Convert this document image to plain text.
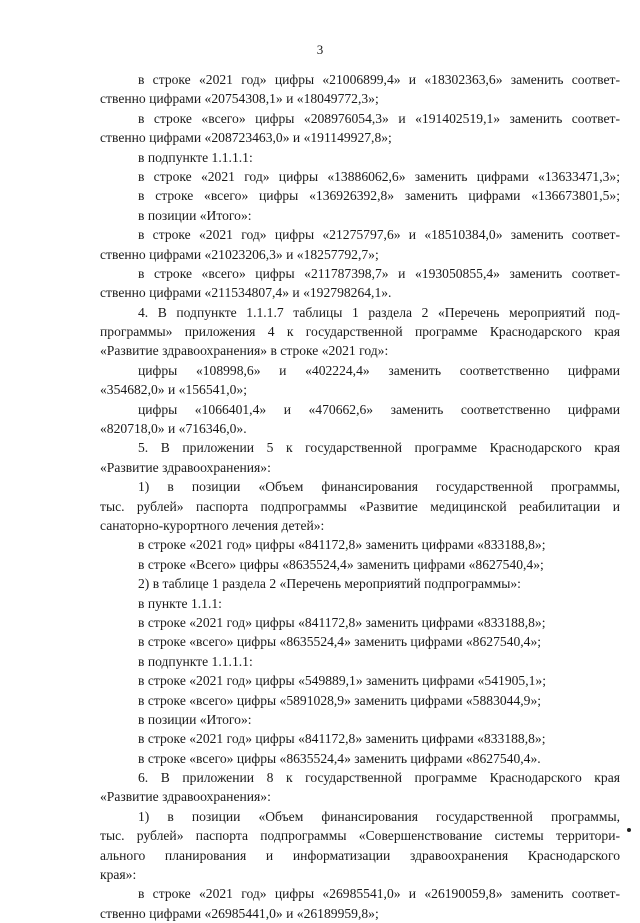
3

в строке «2021 год» цифры «21006899,4» и «18302363,6» заменить соответ-

ственно цифрами «20754308,1» и «18049772,3»;

в строке «всего» цифры «208976054,3» и «191402519,1» заменить соответ-

ственно цифрами «208723463,0» и «191149927,8»;

в подпункте 1.1.1.1:

в строке «2021 год» цифры «13886062,6» заменить цифрами «13633471,3»;

в строке «всего» цифры «136926392,8» заменить цифрами «136673801,5»;

в позиции «Итого»:

в строке «2021 год» цифры «21275797,6» и «18510384,0» заменить соответ-

ственно цифрами «21023206,3» и «18257792,7»;

в строке «всего» цифры «211787398,7» и «193050855,4» заменить соответ-

ственно цифрами «211534807,4» и «192798264,1».

4. В подпункте 1.1.1.7 таблицы 1 раздела 2 «Перечень мероприятий под-

программы» приложения 4 к государственной программе Краснодарского края

«Развитие здравоохранения» в строке «2021 год»:

цифры «108998,6» и «402224,4» заменить соответственно цифрами

«354682,0» и «156541,0»;

цифры «1066401,4» и «470662,6» заменить соответственно цифрами

«820718,0» и «716346,0».

5. В приложении 5 к государственной программе Краснодарского края

«Развитие здравоохранения»:

1) в позиции «Объем финансирования государственной программы,

тыс. рублей» паспорта подпрограммы «Развитие медицинской реабилитации и

санаторно-курортного лечения детей»:

в строке «2021 год» цифры «841172,8» заменить цифрами «833188,8»;

в строке «Всего» цифры «8635524,4» заменить цифрами «8627540,4»;

2) в таблице 1 раздела 2 «Перечень мероприятий подпрограммы»:

в пункте 1.1.1:

в строке «2021 год» цифры «841172,8» заменить цифрами «833188,8»;

в строке «всего» цифры «8635524,4» заменить цифрами «8627540,4»;

в подпункте 1.1.1.1:

в строке «2021 год» цифры «549889,1» заменить цифрами «541905,1»;

в строке «всего» цифры «5891028,9» заменить цифрами «5883044,9»;

в позиции «Итого»:

в строке «2021 год» цифры «841172,8» заменить цифрами «833188,8»;

в строке «всего» цифры «8635524,4» заменить цифрами «8627540,4».

6. В приложении 8 к государственной программе Краснодарского края

«Развитие здравоохранения»:

1) в позиции «Объем финансирования государственной программы,

тыс. рублей» паспорта подпрограммы «Совершенствование системы территори-

ального планирования и информатизации здравоохранения Краснодарского

края»:

в строке «2021 год» цифры «26985541,0» и «26190059,8» заменить соответ-

ственно цифрами «26985441,0» и «26189959,8»;
